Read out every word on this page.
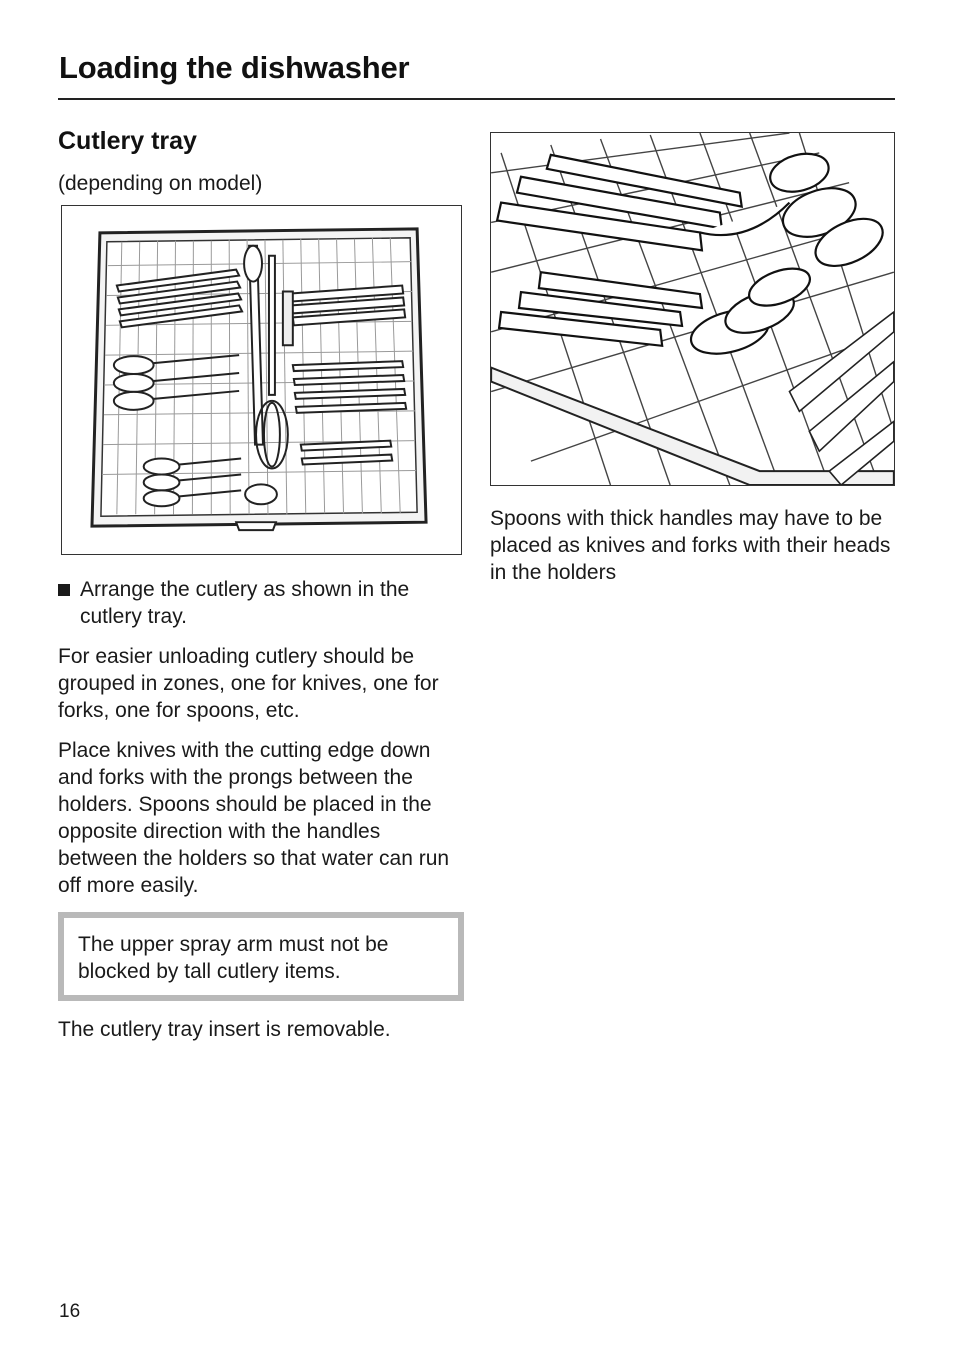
Loading the dishwasher
Cutlery tray

(depending on model)

Arrange the cutlery as shown in the cutlery tray.

For easier unloading cutlery should be grouped in zones, one for knives, one for forks, one for spoons, etc.

Place knives with the cutting edge down and forks with the prongs between the holders. Spoons should be placed in the opposite direction with the handles between the holders so that water can run off more easily.

The upper spray arm must not be blocked by tall cutlery items.

The cutlery tray insert is removable.

Spoons with thick handles may have to be placed as knives and forks with their heads in the holders

16
